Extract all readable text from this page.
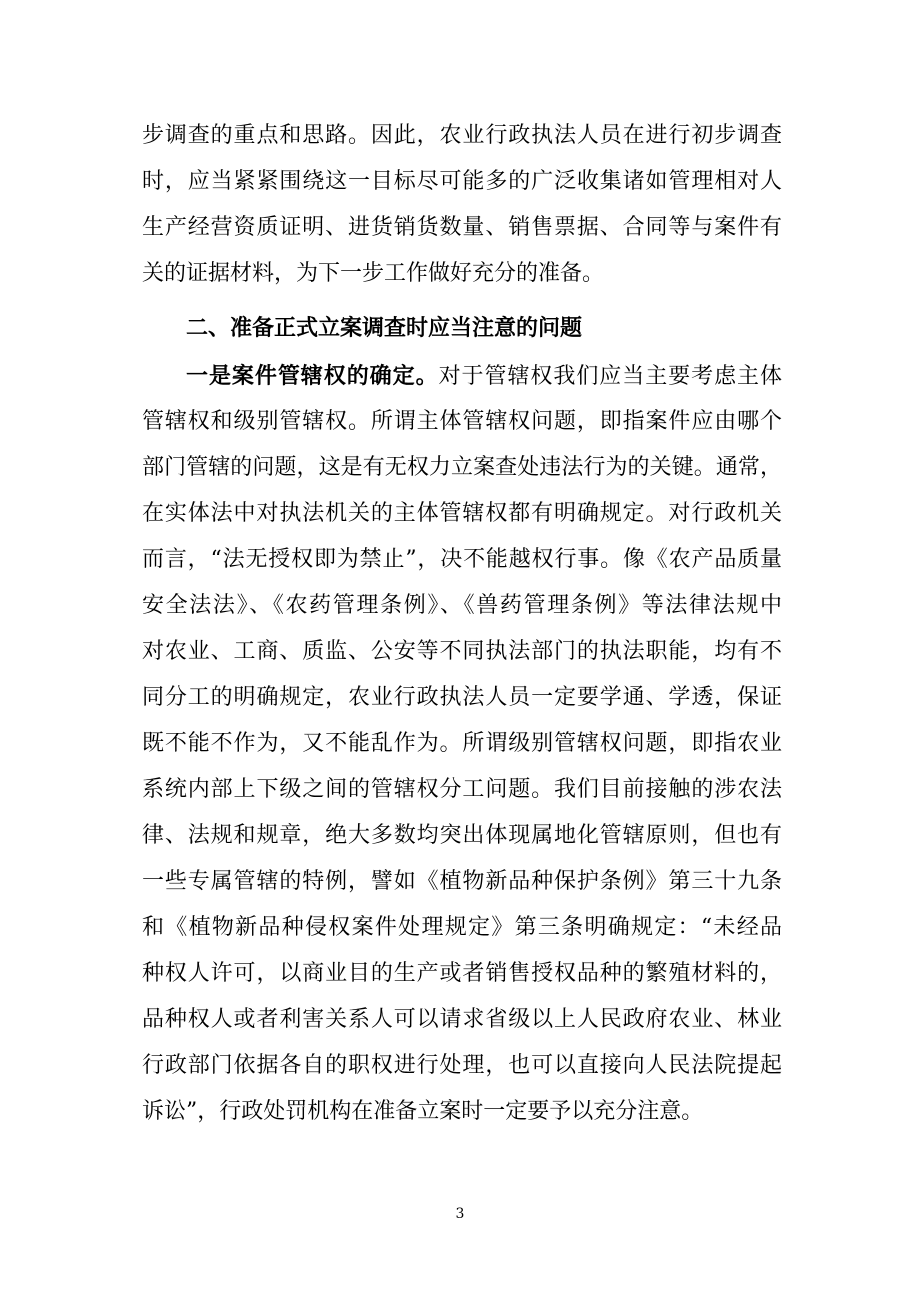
步调查的重点和思路。因此，农业行政执法人员在进行初步调查
时，应当紧紧围绕这一目标尽可能多的广泛收集诸如管理相对人
生产经营资质证明、进货销货数量、销售票据、合同等与案件有
关的证据材料，为下一步工作做好充分的准备。
二、准备正式立案调查时应当注意的问题
一是案件管辖权的确定。对于管辖权我们应当主要考虑主体
管辖权和级别管辖权。所谓主体管辖权问题，即指案件应由哪个
部门管辖的问题，这是有无权力立案查处违法行为的关键。通常，
在实体法中对执法机关的主体管辖权都有明确规定。对行政机关
而言，“法无授权即为禁止”，决不能越权行事。像《农产品质量
安全法法》、《农药管理条例》、《兽药管理条例》等法律法规中
对农业、工商、质监、公安等不同执法部门的执法职能，均有不
同分工的明确规定，农业行政执法人员一定要学通、学透，保证
既不能不作为，又不能乱作为。所谓级别管辖权问题，即指农业
系统内部上下级之间的管辖权分工问题。我们目前接触的涉农法
律、法规和规章，绝大多数均突出体现属地化管辖原则，但也有
一些专属管辖的特例，譬如《植物新品种保护条例》第三十九条
和《植物新品种侵权案件处理规定》第三条明确规定：“未经品
种权人许可，以商业目的生产或者销售授权品种的繁殖材料的，
品种权人或者利害关系人可以请求省级以上人民政府农业、林业
行政部门依据各自的职权进行处理，也可以直接向人民法院提起
诉讼”，行政处罚机构在准备立案时一定要予以充分注意。
3
